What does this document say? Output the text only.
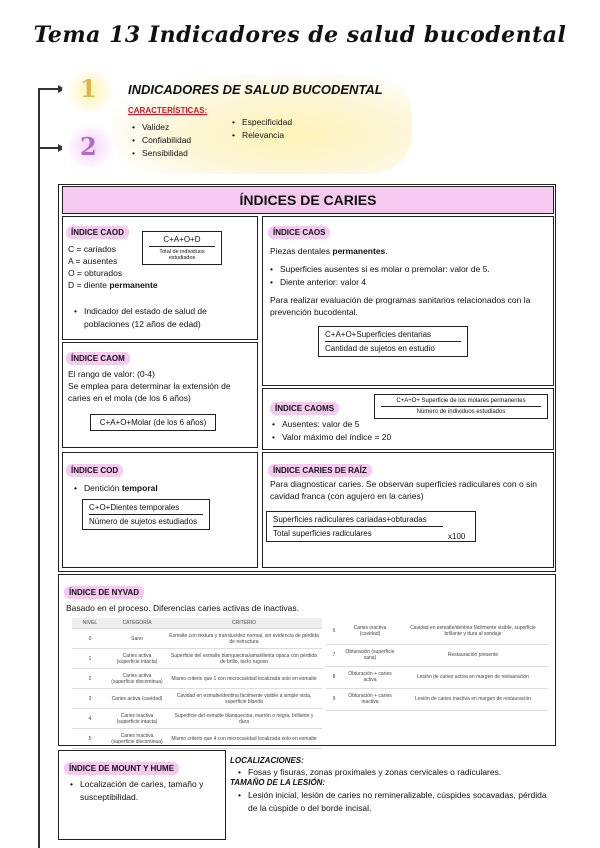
Tema 13 Indicadores de salud bucodental
1
2
INDICADORES DE SALUD BUCODENTAL
CARACTERÍSTICAS:
• Validez
• Confiabilidad
• Sensibilidad
• Especificidad
• Relevancia
ÍNDICES DE CARIES
ÍNDICE CAOD
C = cariados
A = ausentes
O = obturados
D = diente permanente
C+A+O+D
Total de individuos estudiados
• Indicador del estado de salud de poblaciones (12 años de edad)
ÍNDICE CAOS
Piezas dentales permanentes.
• Superficies ausentes si es molar o premolar: valor de 5.
• Diente anterior: valor 4
Para realizar evaluación de programas sanitarios relacionados con la prevención bucodental.
C+A+O+Superficies dentarias
Cantidad de sujetos en estudio
ÍNDICE CAOM
El rango de valor: (0-4)
Se emplea para determinar la extensión de caries en el mola (de los 6 años)
C+A+O+Molar (de los 6 años)
ÍNDICE CAOMS
C+A+O+ Superficie de los molares permanentes
Número de individuos estudiados
• Ausentes: valor de 5
• Valor máximo del índice = 20
ÍNDICE COD
• Dentición temporal
C+O+Dientes temporales
Número de sujetos estudiados
ÍNDICE CARIES DE RAÍZ
Para diagnosticar caries. Se observan superficies radiculares con o sin cavidad franca (con agujero en la caries)
Superficies radiculares cariadas+obturadas
Total superficies radiculares	x100
ÍNDICE DE NYVAD
Basado en el proceso. Diferencias caries activas de inactivas.
NIVEL	CATEGORÍA	CRITERIO
0	Sano	Esmalte con textura y translucidez normal, sin evidencia de pérdida de estructura
1	Caries activa (superficie intacta)	Superficie del esmalte blanquecina/amarillenta opaca con pérdida de brillo, tacto rugoso
2	Caries activa (superficie discontinua)	Mismo criterio que 1 con microcavidad localizada solo en esmalte
3	Caries activa (cavidad)	Cavidad en esmalte/dentina fácilmente visible a simple vista, superficie blanda
4	Caries inactiva (superficie intacta)	Superficie del esmalte blanquecina, marrón o negra, brillante y dura
5	Caries inactiva (superficie discontinua)	Mismo criterio que 4 con microcavidad localizada solo en esmalte
6	Caries inactiva (cavidad)	Cavidad en esmalte/dentina fácilmente visible, superficie brillante y dura al sondaje
7	Obturación (superficie sana)	Restauración presente
8	Obturación + caries activa	Lesión de caries activa en margen de restauración
9	Obturación + caries inactiva	Lesión de caries inactiva en margen de restauración
ÍNDICE DE MOUNT Y HUME
• Localización de caries, tamaño y susceptibilidad.
LOCALIZACIONES:
• Fosas y fisuras, zonas proximales y zonas cervicales o radiculares.
TAMAÑO DE LA LESIÓN:
• Lesión inicial, lesión de caries no remineralizable, cúspides socavadas, pérdida de la cúspide o del borde incisal.
